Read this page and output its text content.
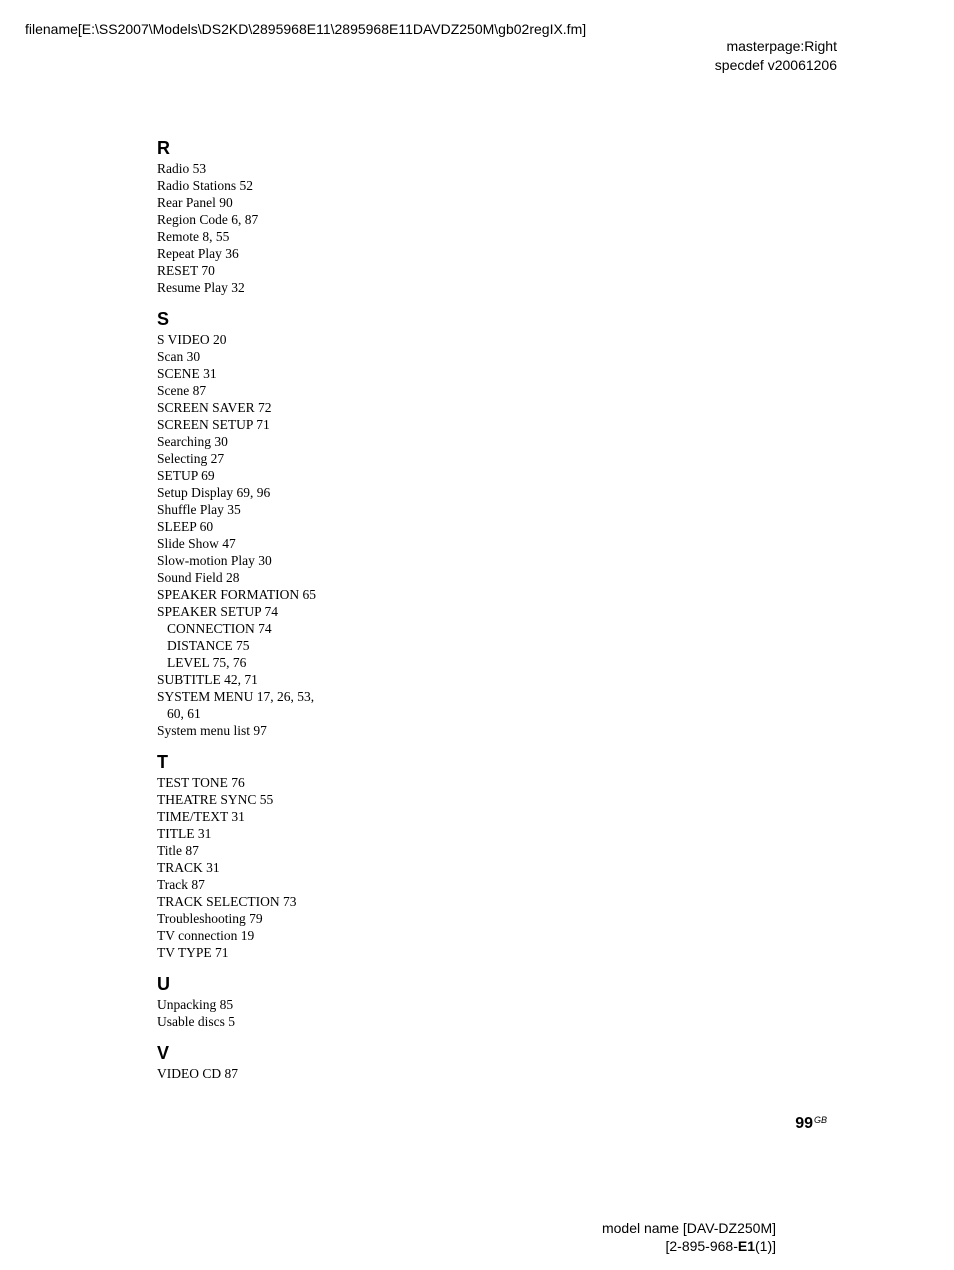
filename[E:\SS2007\Models\DS2KD\2895968E11\2895968E11DAVDZ250M\gb02regIX.fm]
masterpage:Right
specdef v20061206
R
Radio 53
Radio Stations 52
Rear Panel 90
Region Code 6, 87
Remote 8, 55
Repeat Play 36
RESET 70
Resume Play 32
S
S VIDEO 20
Scan 30
SCENE 31
Scene 87
SCREEN SAVER 72
SCREEN SETUP 71
Searching 30
Selecting 27
SETUP 69
Setup Display 69, 96
Shuffle Play 35
SLEEP 60
Slide Show 47
Slow-motion Play 30
Sound Field 28
SPEAKER FORMATION 65
SPEAKER SETUP 74
CONNECTION 74
DISTANCE 75
LEVEL 75, 76
SUBTITLE 42, 71
SYSTEM MENU 17, 26, 53,
60, 61
System menu list 97
T
TEST TONE 76
THEATRE SYNC 55
TIME/TEXT 31
TITLE 31
Title 87
TRACK 31
Track 87
TRACK SELECTION 73
Troubleshooting 79
TV connection 19
TV TYPE 71
U
Unpacking 85
Usable discs 5
V
VIDEO CD 87
$99^{GB}$
model name [DAV-DZ250M]
[2-895-968-E1(1)]
